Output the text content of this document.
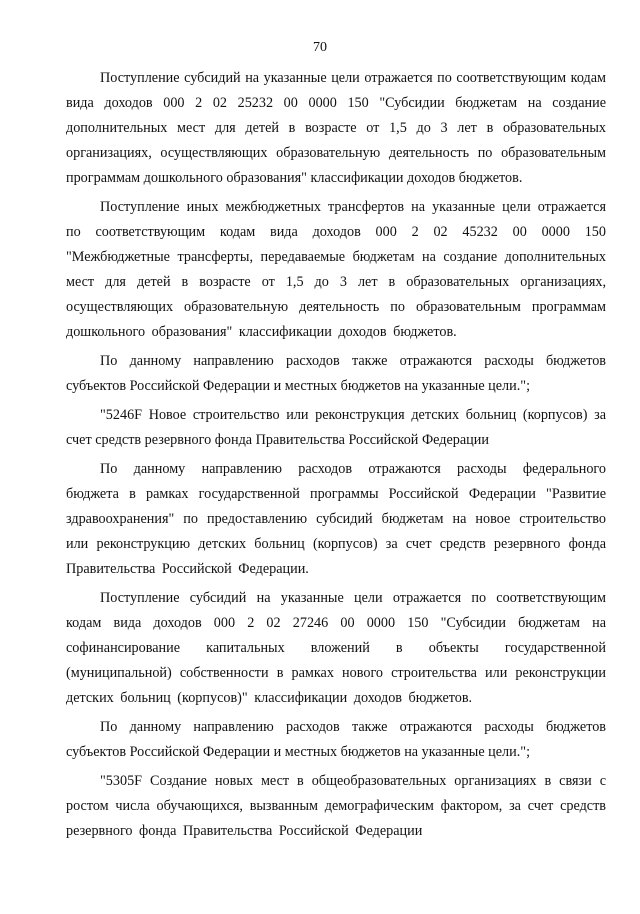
70

Поступление субсидий на указанные цели отражается по соответствующим кодам вида доходов 000 2 02 25232 00 0000 150 "Субсидии бюджетам на создание дополнительных мест для детей в возрасте от 1,5 до 3 лет в образовательных организациях, осуществляющих образовательную деятельность по образовательным программам дошкольного образования" классификации доходов бюджетов.

Поступление иных межбюджетных трансфертов на указанные цели отражается по соответствующим кодам вида доходов 000 2 02 45232 00 0000 150 "Межбюджетные трансферты, передаваемые бюджетам на создание дополнительных мест для детей в возрасте от 1,5 до 3 лет в образовательных организациях, осуществляющих образовательную деятельность по образовательным программам дошкольного образования" классификации доходов бюджетов.

По данному направлению расходов также отражаются расходы бюджетов субъектов Российской Федерации и местных бюджетов на указанные цели.";

"5246F Новое строительство или реконструкция детских больниц (корпусов) за счет средств резервного фонда Правительства Российской Федерации

По данному направлению расходов отражаются расходы федерального бюджета в рамках государственной программы Российской Федерации "Развитие здравоохранения" по предоставлению субсидий бюджетам на новое строительство или реконструкцию детских больниц (корпусов) за счет средств резервного фонда Правительства Российской Федерации.

Поступление субсидий на указанные цели отражается по соответствующим кодам вида доходов 000 2 02 27246 00 0000 150 "Субсидии бюджетам на софинансирование капитальных вложений в объекты государственной (муниципальной) собственности в рамках нового строительства или реконструкции детских больниц (корпусов)" классификации доходов бюджетов.

По данному направлению расходов также отражаются расходы бюджетов субъектов Российской Федерации и местных бюджетов на указанные цели.";

"5305F Создание новых мест в общеобразовательных организациях в связи с ростом числа обучающихся, вызванным демографическим фактором, за счет средств резервного фонда Правительства Российской Федерации
